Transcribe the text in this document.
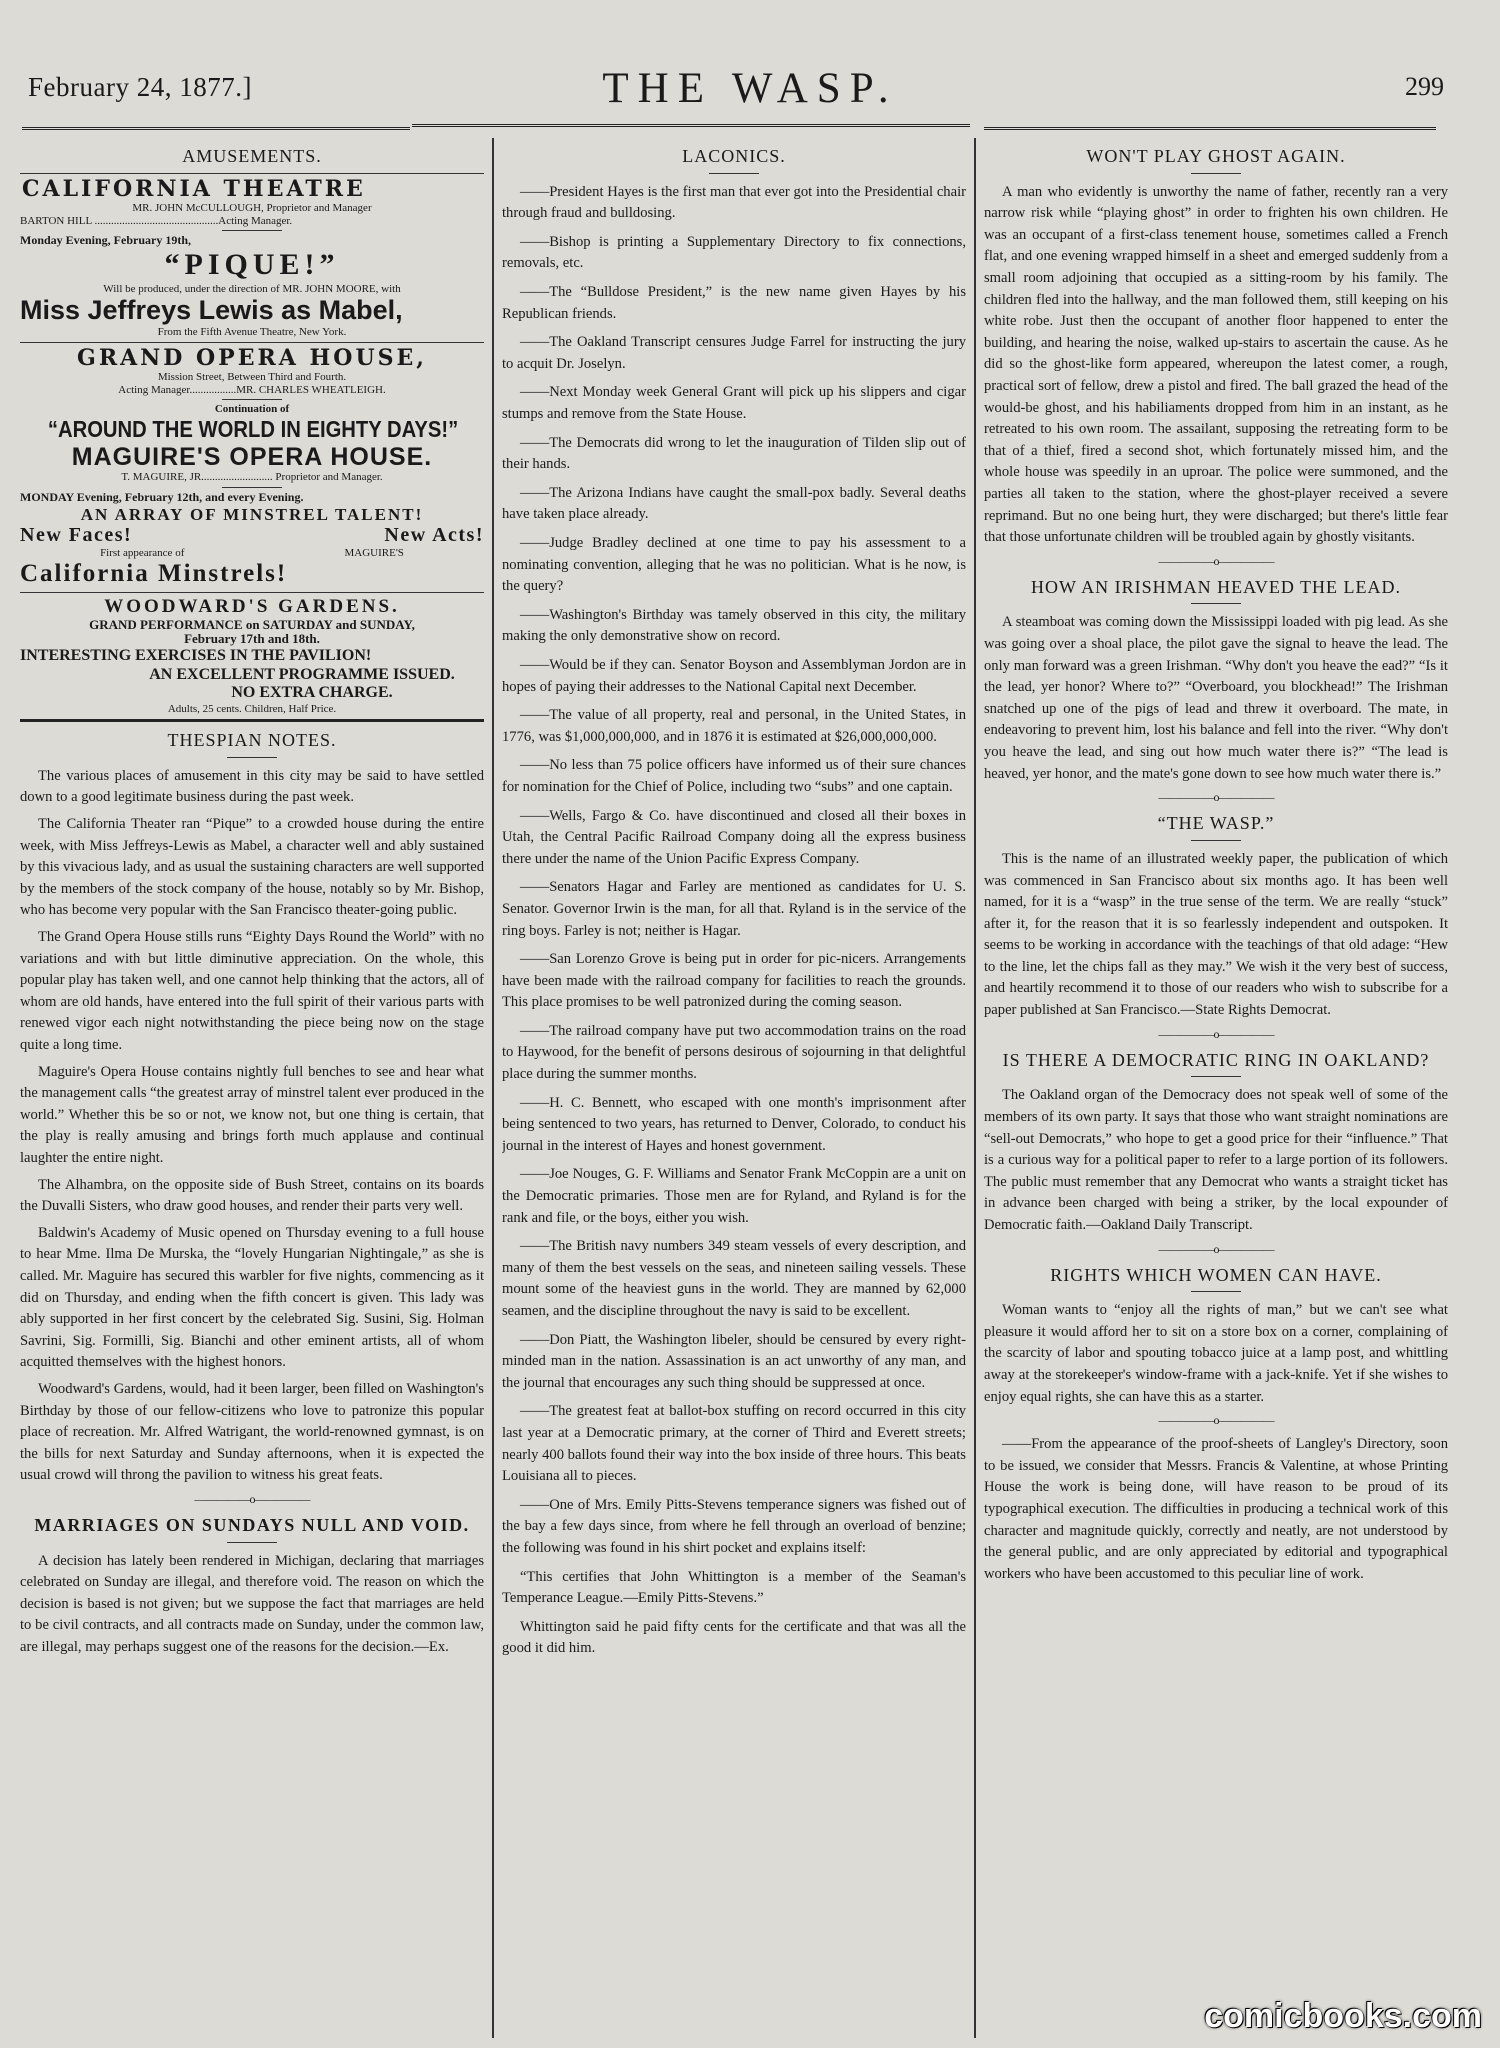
February 24, 1877.]	THE WASP.	299
AMUSEMENTS.
CALIFORNIA THEATRE
MR. JOHN McCULLOUGH, Proprietor and Manager
BARTON HILL .............................................Acting Manager.
Monday Evening, February 19th,
“PIQUE!”
Will be produced, under the direction of MR. JOHN MOORE, with
Miss Jeffreys Lewis as Mabel,
From the Fifth Avenue Theatre, New York.
GRAND OPERA HOUSE,
Mission Street, Between Third and Fourth.
Acting Manager.................MR. CHARLES WHEATLEIGH.
Continuation of
“AROUND THE WORLD IN EIGHTY DAYS!”
MAGUIRE'S OPERA HOUSE.
T. MAGUIRE, JR.......................... Proprietor and Manager.
MONDAY Evening, February 12th, and every Evening.
AN ARRAY OF MINSTREL TALENT!
New Faces!	New Acts!
First appearance of	MAGUIRE'S
California Minstrels!
WOODWARD'S GARDENS.
GRAND PERFORMANCE on SATURDAY and SUNDAY,
February 17th and 18th.
INTERESTING EXERCISES IN THE PAVILION!
AN EXCELLENT PROGRAMME ISSUED.
NO EXTRA CHARGE.
Adults, 25 cents. Children, Half Price.
THESPIAN NOTES.

The various places of amusement in this city may be said to have settled down to a good legitimate business during the past week.

The California Theater ran “Pique” to a crowded house during the entire week, with Miss Jeffreys-Lewis as Mabel, a character well and ably sustained by this vivacious lady, and as usual the sustaining characters are well supported by the members of the stock company of the house, notably so by Mr. Bishop, who has become very popular with the San Francisco theater-going public.

The Grand Opera House stills runs “Eighty Days Round the World” with no variations and with but little diminutive appreciation. On the whole, this popular play has taken well, and one cannot help thinking that the actors, all of whom are old hands, have entered into the full spirit of their various parts with renewed vigor each night notwithstanding the piece being now on the stage quite a long time.

Maguire's Opera House contains nightly full benches to see and hear what the management calls “the greatest array of minstrel talent ever produced in the world.” Whether this be so or not, we know not, but one thing is certain, that the play is really amusing and brings forth much applause and continual laughter the entire night.

The Alhambra, on the opposite side of Bush Street, contains on its boards the Duvalli Sisters, who draw good houses, and render their parts very well.

Baldwin's Academy of Music opened on Thursday evening to a full house to hear Mme. Ilma De Murska, the “lovely Hungarian Nightingale,” as she is called. Mr. Maguire has secured this warbler for five nights, commencing as it did on Thursday, and ending when the fifth concert is given. This lady was ably supported in her first concert by the celebrated Sig. Susini, Sig. Holman Savrini, Sig. Formilli, Sig. Bianchi and other eminent artists, all of whom acquitted themselves with the highest honors.

Woodward's Gardens, would, had it been larger, been filled on Washington's Birthday by those of our fellow-citizens who love to patronize this popular place of recreation. Mr. Alfred Watrigant, the world-renowned gymnast, is on the bills for next Saturday and Sunday afternoons, when it is expected the usual crowd will throng the pavilion to witness his great feats.

————— o —————
MARRIAGES ON SUNDAYS NULL AND VOID.

A decision has lately been rendered in Michigan, declaring that marriages celebrated on Sunday are illegal, and therefore void. The reason on which the decision is based is not given; but we suppose the fact that marriages are held to be civil contracts, and all contracts made on Sunday, under the common law, are illegal, may perhaps suggest one of the reasons for the decision.—Ex.

LACONICS.

——President Hayes is the first man that ever got into the Presidential chair through fraud and bulldosing.

——Bishop is printing a Supplementary Directory to fix connections, removals, etc.

——The “Bulldose President,” is the new name given Hayes by his Republican friends.

——The Oakland Transcript censures Judge Farrel for instructing the jury to acquit Dr. Joselyn.

——Next Monday week General Grant will pick up his slippers and cigar stumps and remove from the State House.

——The Democrats did wrong to let the inauguration of Tilden slip out of their hands.

——The Arizona Indians have caught the small-pox badly. Several deaths have taken place already.

——Judge Bradley declined at one time to pay his assessment to a nominating convention, alleging that he was no politician. What is he now, is the query?

——Washington's Birthday was tamely observed in this city, the military making the only demonstrative show on record.

——Would be if they can. Senator Boyson and Assemblyman Jordon are in hopes of paying their addresses to the National Capital next December.

——The value of all property, real and personal, in the United States, in 1776, was $1,000,000,000, and in 1876 it is estimated at $26,000,000,000.

——No less than 75 police officers have informed us of their sure chances for nomination for the Chief of Police, including two “subs” and one captain.

——Wells, Fargo & Co. have discontinued and closed all their boxes in Utah, the Central Pacific Railroad Company doing all the express business there under the name of the Union Pacific Express Company.

——Senators Hagar and Farley are mentioned as candidates for U. S. Senator. Governor Irwin is the man, for all that. Ryland is in the service of the ring boys. Farley is not; neither is Hagar.

——San Lorenzo Grove is being put in order for pic-nicers. Arrangements have been made with the railroad company for facilities to reach the grounds. This place promises to be well patronized during the coming season.

——The railroad company have put two accommodation trains on the road to Haywood, for the benefit of persons desirous of sojourning in that delightful place during the summer months.

——H. C. Bennett, who escaped with one month's imprisonment after being sentenced to two years, has returned to Denver, Colorado, to conduct his journal in the interest of Hayes and honest government.

——Joe Nouges, G. F. Williams and Senator Frank McCoppin are a unit on the Democratic primaries. Those men are for Ryland, and Ryland is for the rank and file, or the boys, either you wish.

——The British navy numbers 349 steam vessels of every description, and many of them the best vessels on the seas, and nineteen sailing vessels. These mount some of the heaviest guns in the world. They are manned by 62,000 seamen, and the discipline throughout the navy is said to be excellent.

——Don Piatt, the Washington libeler, should be censured by every right-minded man in the nation. Assassination is an act unworthy of any man, and the journal that encourages any such thing should be suppressed at once.

——The greatest feat at ballot-box stuffing on record occurred in this city last year at a Democratic primary, at the corner of Third and Everett streets; nearly 400 ballots found their way into the box inside of three hours. This beats Louisiana all to pieces.

——One of Mrs. Emily Pitts-Stevens temperance signers was fished out of the bay a few days since, from where he fell through an overload of benzine; the following was found in his shirt pocket and explains itself:

“This certifies that John Whittington is a member of the Seaman's Temperance League.—Emily Pitts-Stevens.”

Whittington said he paid fifty cents for the certificate and that was all the good it did him.

WON'T PLAY GHOST AGAIN.

A man who evidently is unworthy the name of father, recently ran a very narrow risk while “playing ghost” in order to frighten his own children. He was an occupant of a first-class tenement house, sometimes called a French flat, and one evening wrapped himself in a sheet and emerged suddenly from a small room adjoining that occupied as a sitting-room by his family. The children fled into the hallway, and the man followed them, still keeping on his white robe. Just then the occupant of another floor happened to enter the building, and hearing the noise, walked up-stairs to ascertain the cause. As he did so the ghost-like form appeared, whereupon the latest comer, a rough, practical sort of fellow, drew a pistol and fired. The ball grazed the head of the would-be ghost, and his habiliaments dropped from him in an instant, as he retreated to his own room. The assailant, supposing the retreating form to be that of a thief, fired a second shot, which fortunately missed him, and the whole house was speedily in an uproar. The police were summoned, and the parties all taken to the station, where the ghost-player received a severe reprimand. But no one being hurt, they were discharged; but there's little fear that those unfortunate children will be troubled again by ghostly visitants.

————— o —————
HOW AN IRISHMAN HEAVED THE LEAD.

A steamboat was coming down the Mississippi loaded with pig lead. As she was going over a shoal place, the pilot gave the signal to heave the lead. The only man forward was a green Irishman. “Why don't you heave the ead?” “Is it the lead, yer honor? Where to?” “Overboard, you blockhead!” The Irishman snatched up one of the pigs of lead and threw it overboard. The mate, in endeavoring to prevent him, lost his balance and fell into the river. “Why don't you heave the lead, and sing out how much water there is?” “The lead is heaved, yer honor, and the mate's gone down to see how much water there is.”

————— o —————
“THE WASP.”

This is the name of an illustrated weekly paper, the publication of which was commenced in San Francisco about six months ago. It has been well named, for it is a “wasp” in the true sense of the term. We are really “stuck” after it, for the reason that it is so fearlessly independent and outspoken. It seems to be working in accordance with the teachings of that old adage: “Hew to the line, let the chips fall as they may.” We wish it the very best of success, and heartily recommend it to those of our readers who wish to subscribe for a paper published at San Francisco.—State Rights Democrat.

————— o —————
IS THERE A DEMOCRATIC RING IN OAKLAND?

The Oakland organ of the Democracy does not speak well of some of the members of its own party. It says that those who want straight nominations are “sell-out Democrats,” who hope to get a good price for their “influence.” That is a curious way for a political paper to refer to a large portion of its followers. The public must remember that any Democrat who wants a straight ticket has in advance been charged with being a striker, by the local expounder of Democratic faith.—Oakland Daily Transcript.

————— o —————
RIGHTS WHICH WOMEN CAN HAVE.

Woman wants to “enjoy all the rights of man,” but we can't see what pleasure it would afford her to sit on a store box on a corner, complaining of the scarcity of labor and spouting tobacco juice at a lamp post, and whittling away at the storekeeper's window-frame with a jack-knife. Yet if she wishes to enjoy equal rights, she can have this as a starter.

————— o —————

——From the appearance of the proof-sheets of Langley's Directory, soon to be issued, we consider that Messrs. Francis & Valentine, at whose Printing House the work is being done, will have reason to be proud of its typographical execution. The difficulties in producing a technical work of this character and magnitude quickly, correctly and neatly, are not understood by the general public, and are only appreciated by editorial and typographical workers who have been accustomed to this peculiar line of work.

comicbooks.com
